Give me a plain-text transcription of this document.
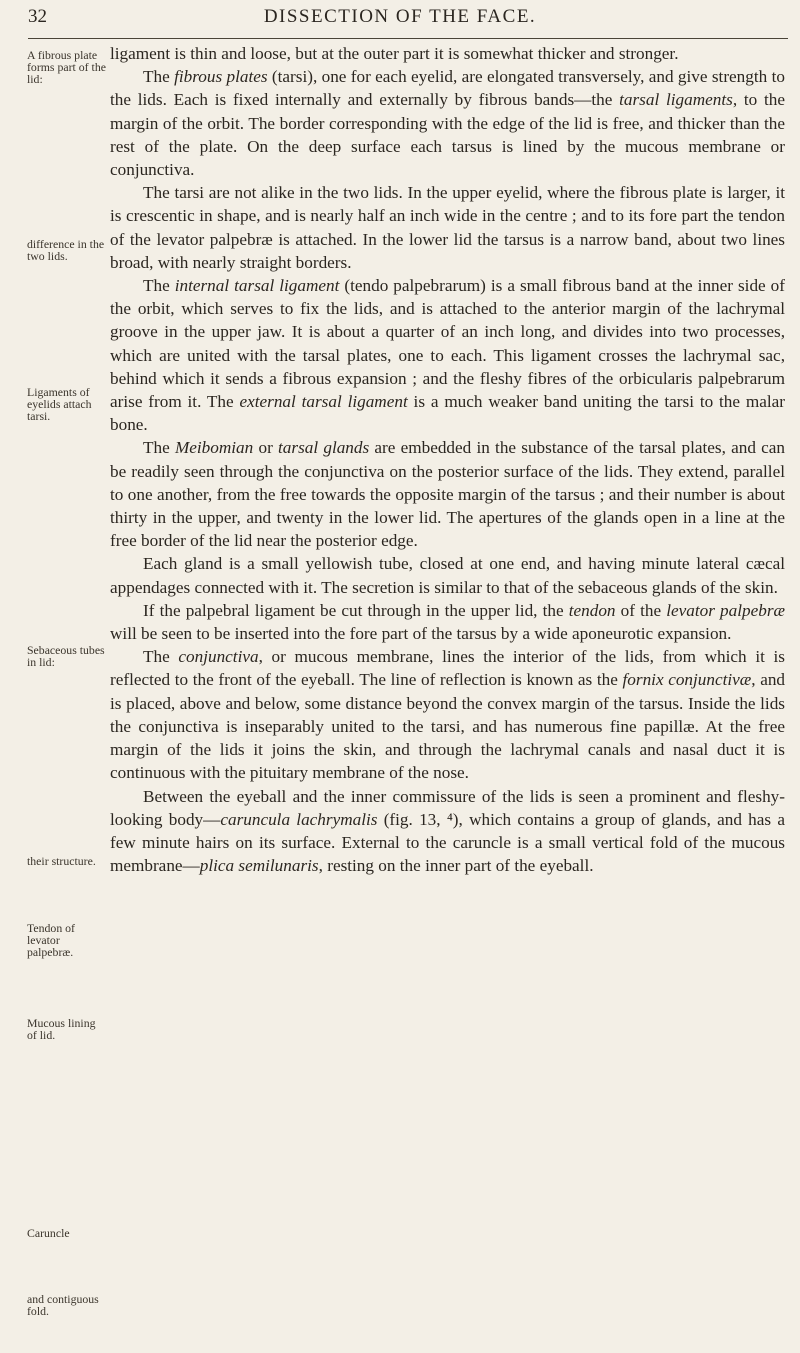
32	DISSECTION OF THE FACE.
A fibrous plate forms part of the lid:
difference in the two lids.
Ligaments of eyelids attach tarsi.
Sebaceous tubes in lid:
their structure.
Tendon of levator palpebræ.
Mucous lining of lid.
Caruncle
and contiguous fold.

ligament is thin and loose, but at the outer part it is somewhat thicker and stronger.

The fibrous plates (tarsi), one for each eyelid, are elongated transversely, and give strength to the lids. Each is fixed internally and externally by fibrous bands—the tarsal ligaments, to the margin of the orbit. The border corresponding with the edge of the lid is free, and thicker than the rest of the plate. On the deep surface each tarsus is lined by the mucous membrane or conjunctiva.

The tarsi are not alike in the two lids. In the upper eyelid, where the fibrous plate is larger, it is crescentic in shape, and is nearly half an inch wide in the centre ; and to its fore part the tendon of the levator palpebræ is attached. In the lower lid the tarsus is a narrow band, about two lines broad, with nearly straight borders.

The internal tarsal ligament (tendo palpebrarum) is a small fibrous band at the inner side of the orbit, which serves to fix the lids, and is attached to the anterior margin of the lachrymal groove in the upper jaw. It is about a quarter of an inch long, and divides into two processes, which are united with the tarsal plates, one to each. This ligament crosses the lachrymal sac, behind which it sends a fibrous expansion ; and the fleshy fibres of the orbicularis palpebrarum arise from it. The external tarsal ligament is a much weaker band uniting the tarsi to the malar bone.

The Meibomian or tarsal glands are embedded in the substance of the tarsal plates, and can be readily seen through the conjunctiva on the posterior surface of the lids. They extend, parallel to one another, from the free towards the opposite margin of the tarsus ; and their number is about thirty in the upper, and twenty in the lower lid. The apertures of the glands open in a line at the free border of the lid near the posterior edge.

Each gland is a small yellowish tube, closed at one end, and having minute lateral cæcal appendages connected with it. The secretion is similar to that of the sebaceous glands of the skin.

If the palpebral ligament be cut through in the upper lid, the tendon of the levator palpebræ will be seen to be inserted into the fore part of the tarsus by a wide aponeurotic expansion.

The conjunctiva, or mucous membrane, lines the interior of the lids, from which it is reflected to the front of the eyeball. The line of reflection is known as the fornix conjunctivæ, and is placed, above and below, some distance beyond the convex margin of the tarsus. Inside the lids the conjunctiva is inseparably united to the tarsi, and has numerous fine papillæ. At the free margin of the lids it joins the skin, and through the lachrymal canals and nasal duct it is continuous with the pituitary membrane of the nose.

Between the eyeball and the inner commissure of the lids is seen a prominent and fleshy-looking body—caruncula lachrymalis (fig. 13, ⁴), which contains a group of glands, and has a few minute hairs on its surface. External to the caruncle is a small vertical fold of the mucous membrane—plica semilunaris, resting on the inner part of the eyeball.
